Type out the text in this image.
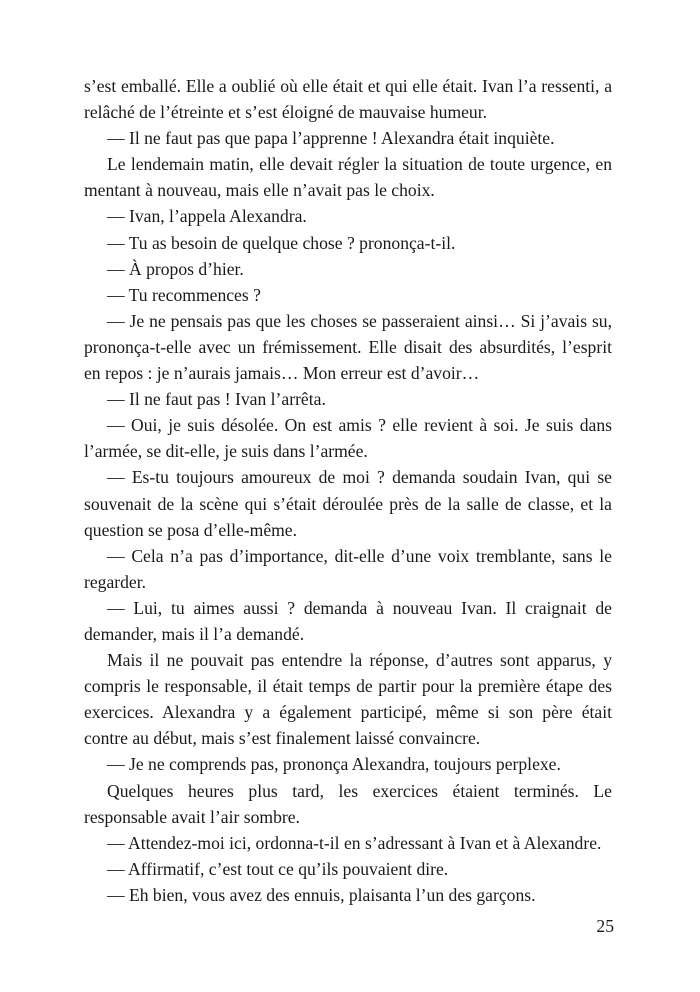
s’est emballé. Elle a oublié où elle était et qui elle était. Ivan l’a ressenti, a relâché de l’étreinte et s’est éloigné de mauvaise humeur.

— Il ne faut pas que papa l’apprenne ! Alexandra était inquiète.

Le lendemain matin, elle devait régler la situation de toute urgence, en mentant à nouveau, mais elle n’avait pas le choix.

— Ivan, l’appela Alexandra.

— Tu as besoin de quelque chose ? prononça-t-il.

— À propos d’hier.

— Tu recommences ?

— Je ne pensais pas que les choses se passeraient ainsi… Si j’avais su, prononça-t-elle avec un frémissement. Elle disait des absurdités, l’esprit en repos : je n’aurais jamais… Mon erreur est d’avoir…

— Il ne faut pas ! Ivan l’arrêta.

— Oui, je suis désolée. On est amis ? elle revient à soi. Je suis dans l’armée, se dit-elle, je suis dans l’armée.

— Es-tu toujours amoureux de moi ? demanda soudain Ivan, qui se souvenait de la scène qui s’était déroulée près de la salle de classe, et la question se posa d’elle-même.

— Cela n’a pas d’importance, dit-elle d’une voix tremblante, sans le regarder.

— Lui, tu aimes aussi ? demanda à nouveau Ivan. Il craignait de demander, mais il l’a demandé.

Mais il ne pouvait pas entendre la réponse, d’autres sont apparus, y compris le responsable, il était temps de partir pour la première étape des exercices. Alexandra y a également participé, même si son père était contre au début, mais s’est finalement laissé convaincre.

— Je ne comprends pas, prononça Alexandra, toujours perplexe.

Quelques heures plus tard, les exercices étaient terminés. Le responsable avait l’air sombre.

— Attendez-moi ici, ordonna-t-il en s’adressant à Ivan et à Alexandre.

— Affirmatif, c’est tout ce qu’ils pouvaient dire.

— Eh bien, vous avez des ennuis, plaisanta l’un des garçons.

25
